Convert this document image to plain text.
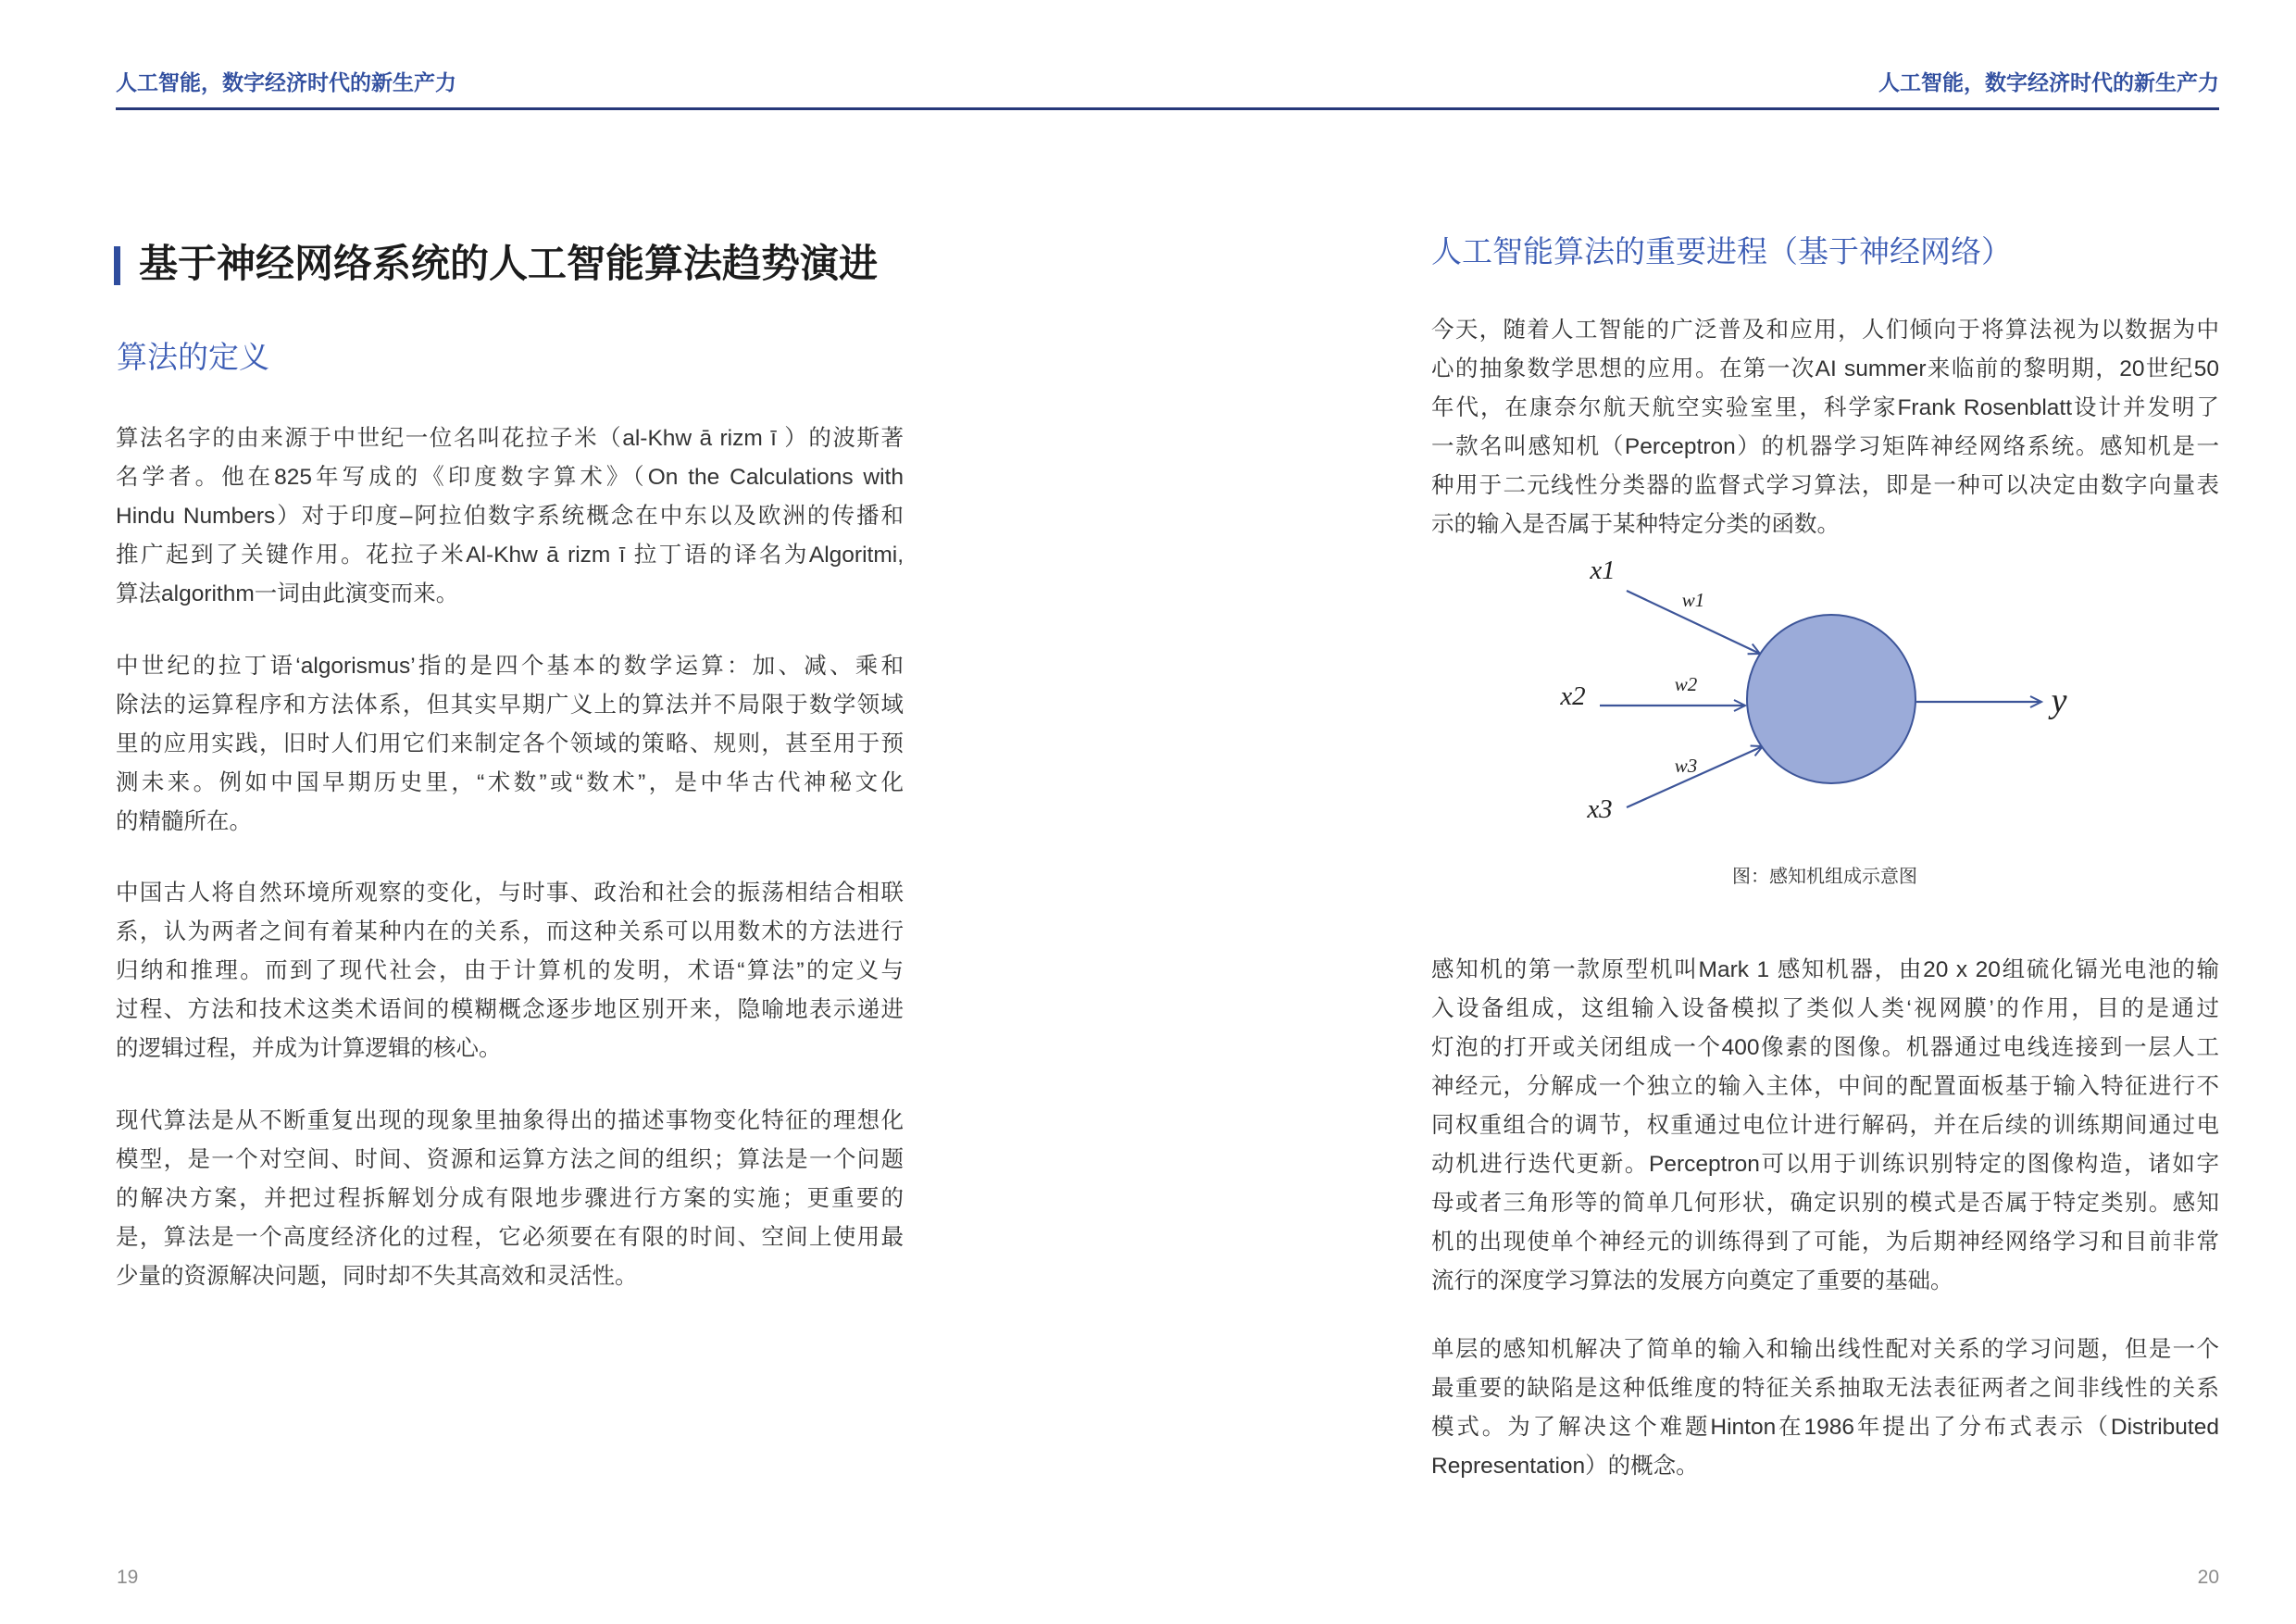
人工智能，数字经济时代的新生产力	人工智能，数字经济时代的新生产力
基于神经网络系统的人工智能算法趋势演进
算法的定义
算法名字的由来源于中世纪一位名叫花拉子米（al-Khw ā rizm ī ）的波斯著
名学者。他在825年写成的《印度数字算术》（On the Calculations with
Hindu Numbers）对于印度–阿拉伯数字系统概念在中东以及欧洲的传播和
推广起到了关键作用。花拉子米Al-Khw ā rizm ī 拉丁语的译名为Algoritmi,
算法algorithm一词由此演变而来。
中世纪的拉丁语‘algorismus’指的是四个基本的数学运算：加、减、乘和
除法的运算程序和方法体系，但其实早期广义上的算法并不局限于数学领域
里的应用实践，旧时人们用它们来制定各个领域的策略、规则，甚至用于预
测未来。例如中国早期历史里，“术数”或“数术”，是中华古代神秘文化
的精髓所在。
中国古人将自然环境所观察的变化，与时事、政治和社会的振荡相结合相联
系，认为两者之间有着某种内在的关系，而这种关系可以用数术的方法进行
归纳和推理。而到了现代社会，由于计算机的发明，术语“算法”的定义与
过程、方法和技术这类术语间的模糊概念逐步地区别开来，隐喻地表示递进
的逻辑过程，并成为计算逻辑的核心。
现代算法是从不断重复出现的现象里抽象得出的描述事物变化特征的理想化
模型，是一个对空间、时间、资源和运算方法之间的组织；算法是一个问题
的解决方案，并把过程拆解划分成有限地步骤进行方案的实施；更重要的
是，算法是一个高度经济化的过程，它必须要在有限的时间、空间上使用最
少量的资源解决问题，同时却不失其高效和灵活性。
19
人工智能算法的重要进程（基于神经网络）
今天，随着人工智能的广泛普及和应用，人们倾向于将算法视为以数据为中
心的抽象数学思想的应用。在第一次AI summer来临前的黎明期，20世纪50
年代，在康奈尔航天航空实验室里，科学家Frank Rosenblatt设计并发明了
一款名叫感知机（Perceptron）的机器学习矩阵神经网络系统。感知机是一
种用于二元线性分类器的监督式学习算法，即是一种可以决定由数字向量表
示的输入是否属于某种特定分类的函数。
x1
x2
x3
w1
w2
w3
y
图：感知机组成示意图
感知机的第一款原型机叫Mark 1 感知机器，由20 x 20组硫化镉光电池的输
入设备组成，这组输入设备模拟了类似人类‘视网膜’的作用，目的是通过
灯泡的打开或关闭组成一个400像素的图像。机器通过电线连接到一层人工
神经元，分解成一个独立的输入主体，中间的配置面板基于输入特征进行不
同权重组合的调节，权重通过电位计进行解码，并在后续的训练期间通过电
动机进行迭代更新。Perceptron可以用于训练识别特定的图像构造，诸如字
母或者三角形等的简单几何形状，确定识别的模式是否属于特定类别。感知
机的出现使单个神经元的训练得到了可能，为后期神经网络学习和目前非常
流行的深度学习算法的发展方向奠定了重要的基础。
单层的感知机解决了简单的输入和输出线性配对关系的学习问题，但是一个
最重要的缺陷是这种低维度的特征关系抽取无法表征两者之间非线性的关系
模式。为了解决这个难题Hinton在1986年提出了分布式表示（Distributed
Representation）的概念。
20
